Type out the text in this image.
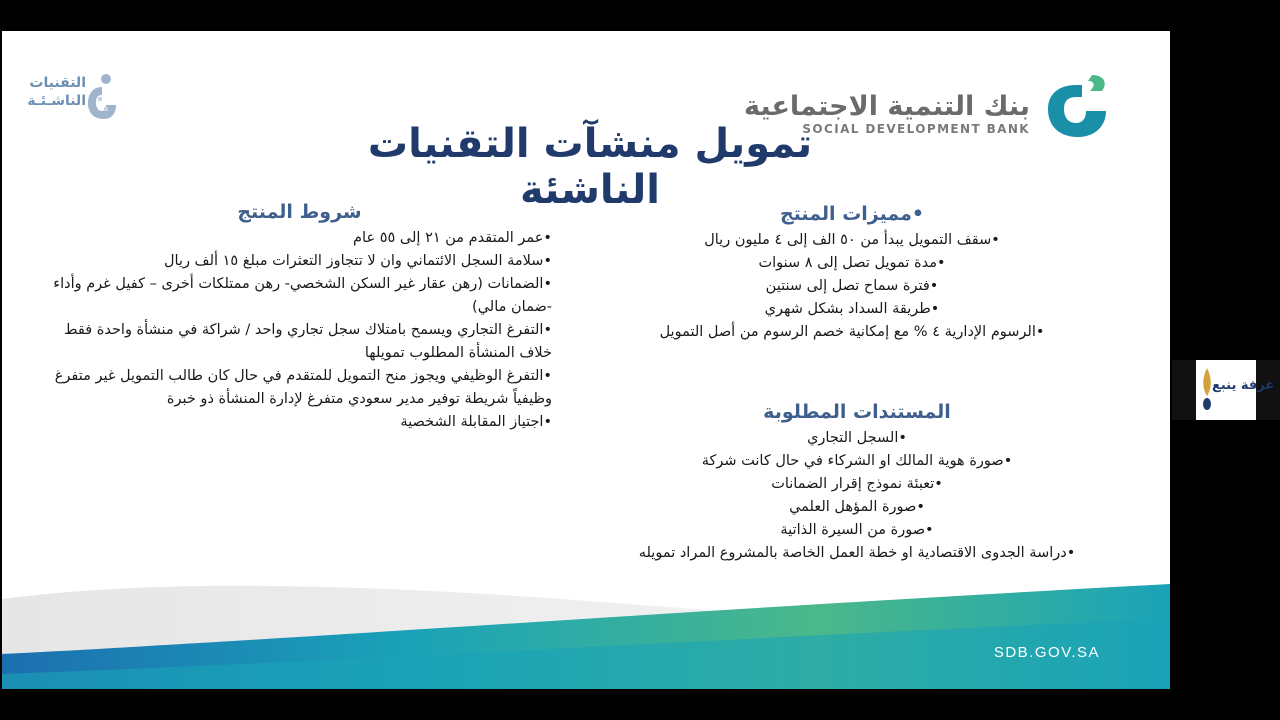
بنك التنمية الاجتماعية
SOCIAL DEVELOPMENT BANK
التقنيات
الناشـئـة
تمويل منشآت التقنيات الناشئة
•مميزات المنتج
•سقف التمويل يبدأ من ٥٠ الف إلى ٤ مليون ريال
•مدة تمويل تصل إلى ٨ سنوات
•فترة سماح تصل إلى سنتين
•طريقة السداد بشكل شهري
•الرسوم الإدارية ٤ % مع إمكانية خصم الرسوم من أصل التمويل
شروط المنتج
•عمر المتقدم من ٢١ إلى ٥٥ عام
•سلامة السجل الائتماني وان لا تتجاوز التعثرات مبلغ ١٥ ألف ريال
•الضمانات (رهن عقار غير السكن الشخصي- رهن ممتلكات أخرى – كفيل غرم وأداء -ضمان مالي)
•التفرغ التجاري ويسمح بامتلاك سجل تجاري واحد / شراكة في منشأة واحدة فقط خلاف المنشأة المطلوب تمويلها
•التفرغ الوظيفي ويجوز منح التمويل للمتقدم في حال كان طالب التمويل غير متفرغ وظيفياً شريطة توفير مدير سعودي متفرغ لإدارة المنشأة ذو خبرة
•اجتياز المقابلة الشخصية	المستندات المطلوبة
•السجل التجاري
•صورة هوية المالك او الشركاء في حال كانت شركة
•تعبئة نموذج إقرار الضمانات
•صورة المؤهل العلمي
•صورة من السيرة الذاتية
•دراسة الجدوى الاقتصادية او خطة العمل الخاصة بالمشروع المراد تمويله
SDB.GOV.SA
غرفة ينبع
